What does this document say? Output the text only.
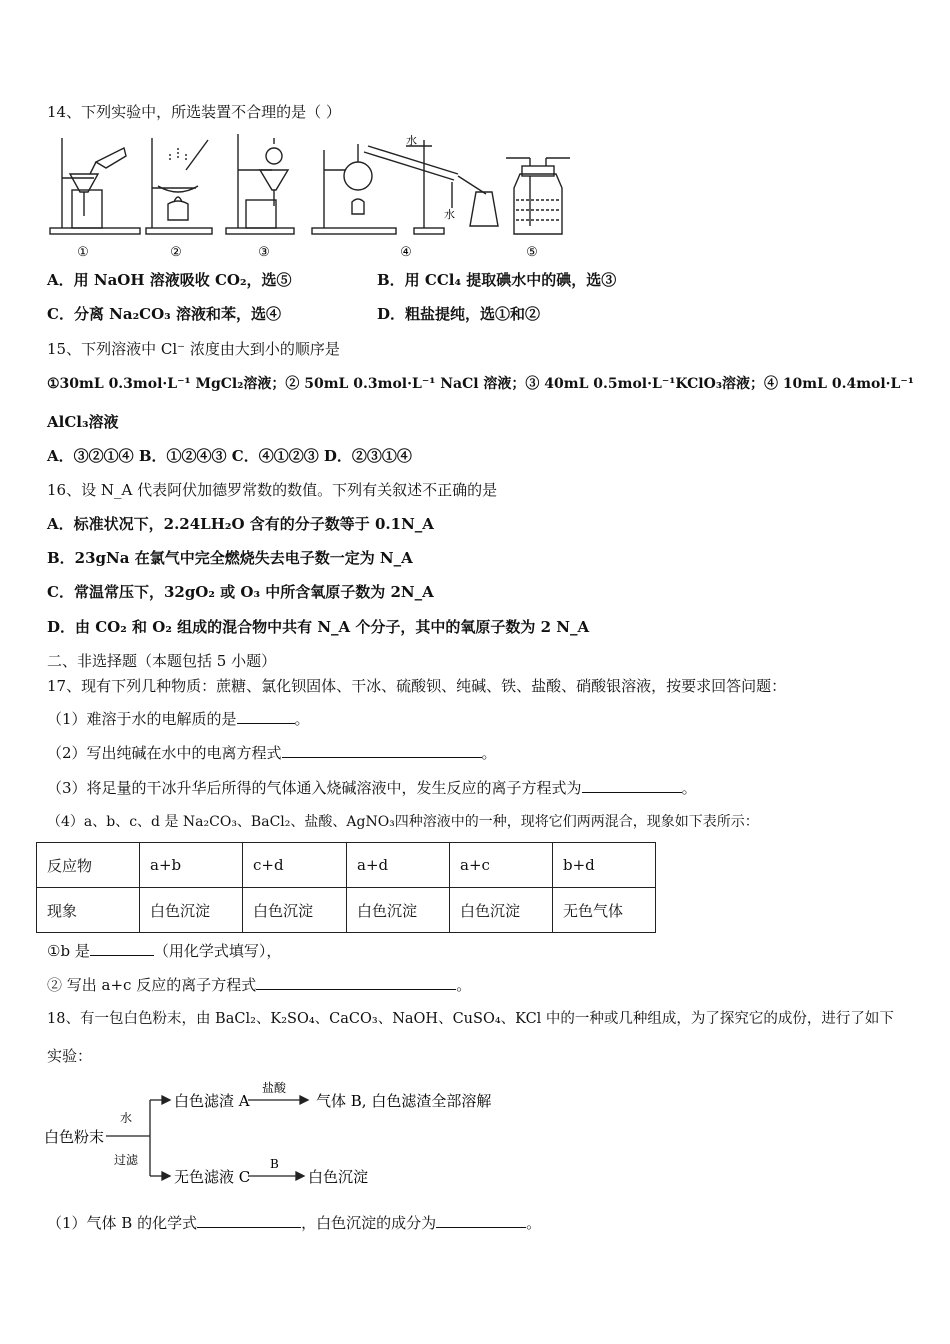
14、下列实验中，所选装置不合理的是（ ）
①	②	③	④	⑤
水
水
A．用 NaOH 溶液吸收 CO₂，选⑤	B．用 CCl₄ 提取碘水中的碘，选③
C．分离 Na₂CO₃ 溶液和苯，选④	D．粗盐提纯，选①和②
15、下列溶液中 Cl⁻ 浓度由大到小的顺序是
①30mL 0.3mol·L⁻¹ MgCl₂溶液；② 50mL 0.3mol·L⁻¹ NaCl 溶液；③ 40mL 0.5mol·L⁻¹KClO₃溶液；④ 10mL 0.4mol·L⁻¹
AlCl₃溶液
A．③②①④ B．①②④③ C．④①②③ D．②③①④
16、设 N_A 代表阿伏加德罗常数的数值。下列有关叙述不正确的是
A．标准状况下，2.24LH₂O 含有的分子数等于 0.1N_A
B．23gNa 在氯气中完全燃烧失去电子数一定为 N_A
C．常温常压下，32gO₂ 或 O₃ 中所含氧原子数为 2N_A
D．由 CO₂ 和 O₂ 组成的混合物中共有 N_A 个分子，其中的氧原子数为 2 N_A
二、非选择题（本题包括 5 小题）
17、现有下列几种物质：蔗糖、氯化钡固体、干冰、硫酸钡、纯碱、铁、盐酸、硝酸银溶液，按要求回答问题：
（1）难溶于水的电解质的是	。
（2）写出纯碱在水中的电离方程式	。
（3）将足量的干冰升华后所得的气体通入烧碱溶液中，发生反应的离子方程式为	。
（4）a、b、c、d 是 Na₂CO₃、BaCl₂、盐酸、AgNO₃四种溶液中的一种，现将它们两两混合，现象如下表所示：
反应物	a+b	c+d	a+d	a+c	b+d
现象	白色沉淀	白色沉淀	白色沉淀	白色沉淀	无色气体
①b 是	（用化学式填写），
② 写出 a+c 反应的离子方程式	。
18、有一包白色粉末，由 BaCl₂、K₂SO₄、CaCO₃、NaOH、CuSO₄、KCl 中的一种或几种组成，为了探究它的成份，进行了如下
实验：
白色粉末
水
过滤
白色滤渣 A
盐酸
气体 B, 白色滤渣全部溶解
无色滤液 C
B
白色沉淀
（1）气体 B 的化学式	，白色沉淀的成分为	。
